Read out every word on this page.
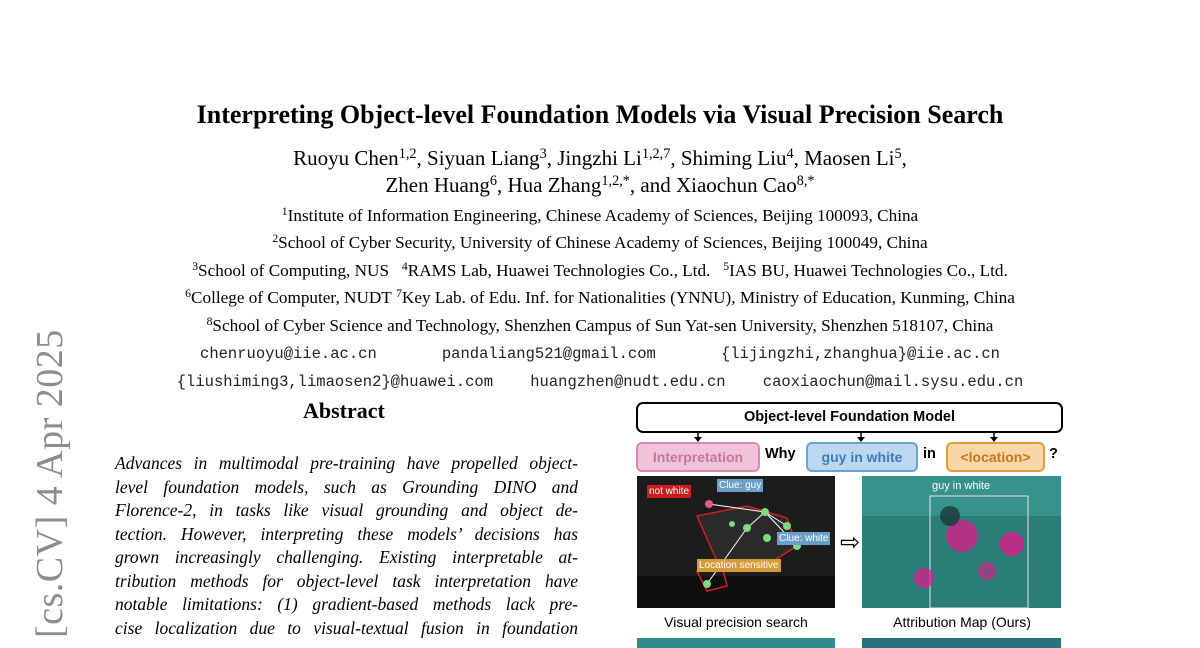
[cs.CV] 4 Apr 2025
Interpreting Object-level Foundation Models via Visual Precision Search
Ruoyu Chen$^{1,2}$, Siyuan Liang$^3$, Jingzhi Li$^{1,2,7}$, Shiming Liu$^4$, Maosen Li$^5$,
Zhen Huang$^6$, Hua Zhang$^{1,2,*}$, and Xiaochun Cao$^{8,*}$
$^1$Institute of Information Engineering, Chinese Academy of Sciences, Beijing 100093, China
$^2$School of Cyber Security, University of Chinese Academy of Sciences, Beijing 100049, China
$^3$School of Computing, NUS $^4$RAMS Lab, Huawei Technologies Co., Ltd. $^5$IAS BU, Huawei Technologies Co., Ltd.
$^6$College of Computer, NUDT $^7$Key Lab. of Edu. Inf. for Nationalities (YNNU), Ministry of Education, Kunming, China
$^8$School of Cyber Science and Technology, Shenzhen Campus of Sun Yat-sen University, Shenzhen 518107, China
chenruoyu@iie.ac.cn	pandaliang521@gmail.com	{lijingzhi,zhanghua}@iie.ac.cn
{liushiming3,limaosen2}@huawei.com huangzhen@nudt.edu.cn caoxiaochun@mail.sysu.edu.cn
Abstract
Advances in multimodal pre-training have propelled object-
level foundation models, such as Grounding DINO and
Florence-2, in tasks like visual grounding and object de-
tection. However, interpreting these models’ decisions has
grown increasingly challenging. Existing interpretable at-
tribution methods for object-level task interpretation have
notable limitations: (1) gradient-based methods lack pre-
cise localization due to visual-textual fusion in foundation
Object-level Foundation Model
Interpretation	Why	guy in white	in	<location>	?
not white
Clue: guy
Clue: white
Location sensitive
⇨
guy in white
Visual precision search	Attribution Map (Ours)
